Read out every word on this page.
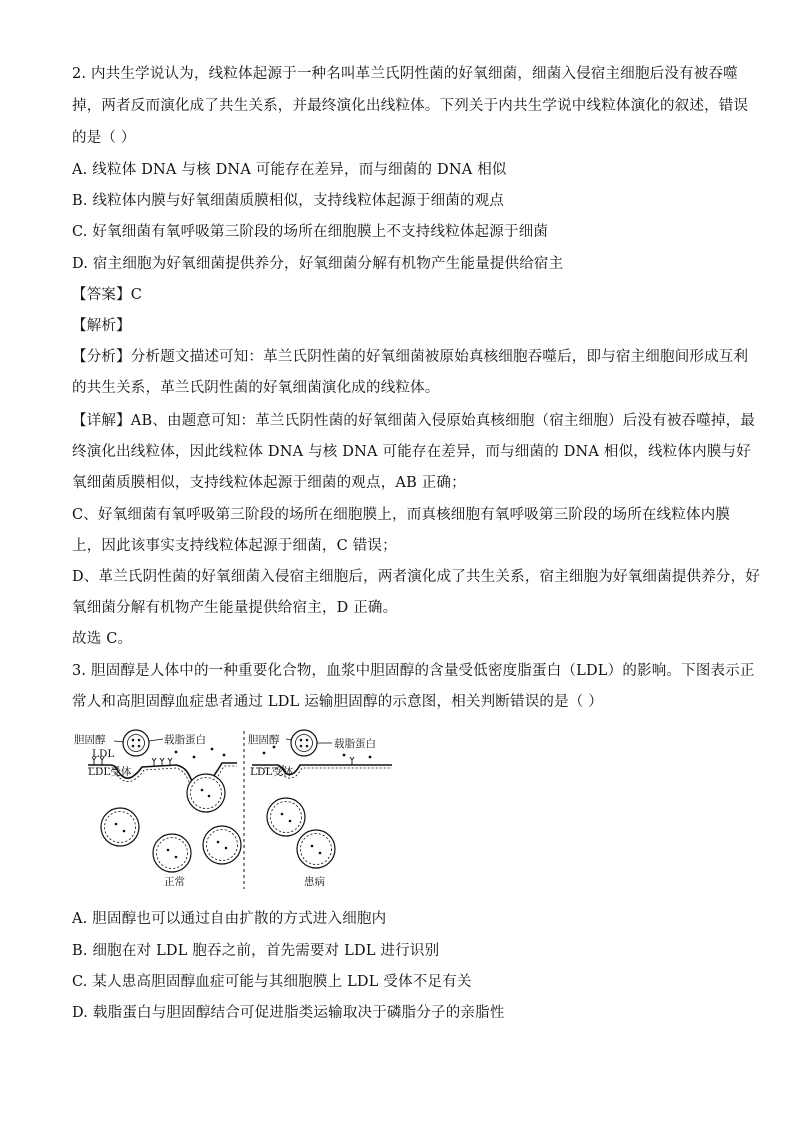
2. 内共生学说认为，线粒体起源于一种名叫革兰氏阴性菌的好氧细菌，细菌入侵宿主细胞后没有被吞噬
掉，两者反而演化成了共生关系，并最终演化出线粒体。下列关于内共生学说中线粒体演化的叙述，错误
的是（ ）
A. 线粒体 DNA 与核 DNA 可能存在差异，而与细菌的 DNA 相似
B. 线粒体内膜与好氧细菌质膜相似，支持线粒体起源于细菌的观点
C. 好氧细菌有氧呼吸第三阶段的场所在细胞膜上不支持线粒体起源于细菌
D. 宿主细胞为好氧细菌提供养分，好氧细菌分解有机物产生能量提供给宿主
【答案】C
【解析】
【分析】分析题文描述可知：革兰氏阴性菌的好氧细菌被原始真核细胞吞噬后，即与宿主细胞间形成互利
的共生关系，革兰氏阴性菌的好氧细菌演化成的线粒体。
【详解】AB、由题意可知：革兰氏阴性菌的好氧细菌入侵原始真核细胞（宿主细胞）后没有被吞噬掉，最
终演化出线粒体，因此线粒体 DNA 与核 DNA 可能存在差异，而与细菌的 DNA 相似，线粒体内膜与好
氧细菌质膜相似，支持线粒体起源于细菌的观点，AB 正确；
C、好氧细菌有氧呼吸第三阶段的场所在细胞膜上，而真核细胞有氧呼吸第三阶段的场所在线粒体内膜
上，因此该事实支持线粒体起源于细菌，C 错误；
D、革兰氏阴性菌的好氧细菌入侵宿主细胞后，两者演化成了共生关系，宿主细胞为好氧细菌提供养分，好
氧细菌分解有机物产生能量提供给宿主，D 正确。
故选 C。
3. 胆固醇是人体中的一种重要化合物，血浆中胆固醇的含量受低密度脂蛋白（LDL）的影响。下图表示正
常人和高胆固醇血症患者通过 LDL 运输胆固醇的示意图，相关判断错误的是（ ）
胆固醇
LDL
LDL受体
载脂蛋白
正常
胆固醇
LDL受体
载脂蛋白
患病
A. 胆固醇也可以通过自由扩散的方式进入细胞内
B. 细胞在对 LDL 胞吞之前，首先需要对 LDL 进行识别
C. 某人患高胆固醇血症可能与其细胞膜上 LDL 受体不足有关
D. 载脂蛋白与胆固醇结合可促进脂类运输取决于磷脂分子的亲脂性
